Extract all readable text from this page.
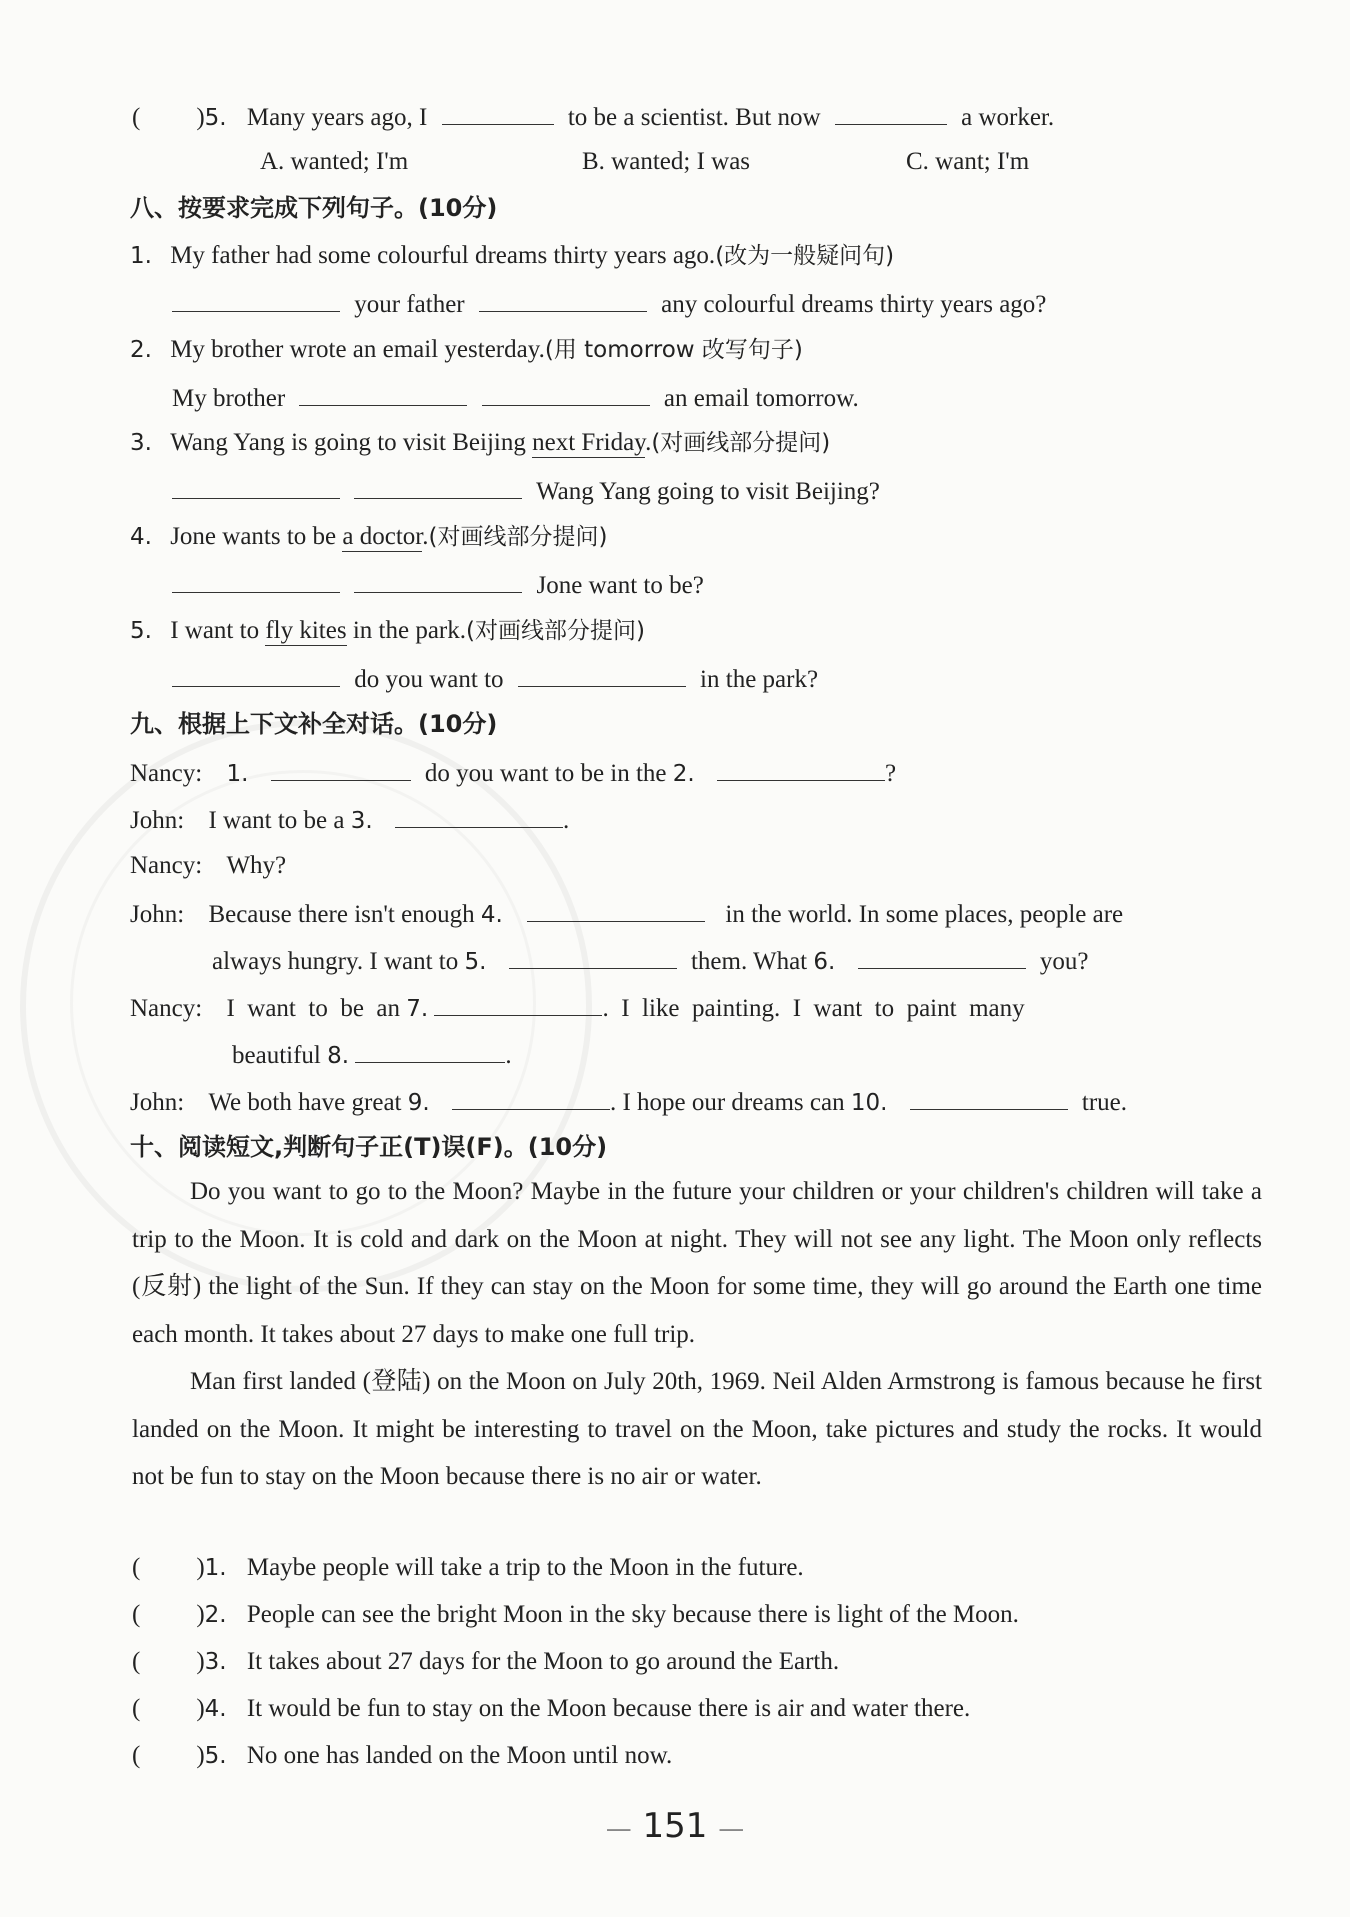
( )5. Many years ago, I	to be a scientist. But now	a worker.
A. wanted; I'm	B. wanted; I was	C. want; I'm
八、按要求完成下列句子。(10分)
1. My father had some colourful dreams thirty years ago.(改为一般疑问句)
your father	any colourful dreams thirty years ago?
2. My brother wrote an email yesterday.(用 tomorrow 改写句子)
My brother	an email tomorrow.
3. Wang Yang is going to visit Beijing next Friday.(对画线部分提问)
Wang Yang going to visit Beijing?
4. Jone wants to be a doctor.(对画线部分提问)
Jone want to be?
5. I want to fly kites in the park.(对画线部分提问)
do you want to	in the park?
九、根据上下文补全对话。(10分)
Nancy: 1.	do you want to be in the 2.	?
John: I want to be a 3.	.
Nancy: Why?
John: Because there isn't enough 4.	in the world. In some places, people are
always hungry. I want to 5.	them. What 6.	you?
Nancy: I  want  to  be  an 7.	.  I  like  painting.  I  want  to  paint  many
beautiful 8.	.
John: We both have great 9.	. I hope our dreams can 10.	true.
十、阅读短文,判断句子正(T)误(F)。(10分)

Do you want to go to the Moon? Maybe in the future your children or your children's children will take a trip to the Moon. It is cold and dark on the Moon at night. They will not see any light. The Moon only reflects (反射) the light of the Sun. If they can stay on the Moon for some time, they will go around the Earth one time each month. It takes about 27 days to make one full trip.

Man first landed (登陆) on the Moon on July 20th, 1969. Neil Alden Armstrong is famous because he first landed on the Moon. It might be interesting to travel on the Moon, take pictures and study the rocks. It would not be fun to stay on the Moon because there is no air or water.

( )1. Maybe people will take a trip to the Moon in the future.
( )2. People can see the bright Moon in the sky because there is light of the Moon.
( )3. It takes about 27 days for the Moon to go around the Earth.
( )4. It would be fun to stay on the Moon because there is air and water there.
( )5. No one has landed on the Moon until now.
— 151 —
